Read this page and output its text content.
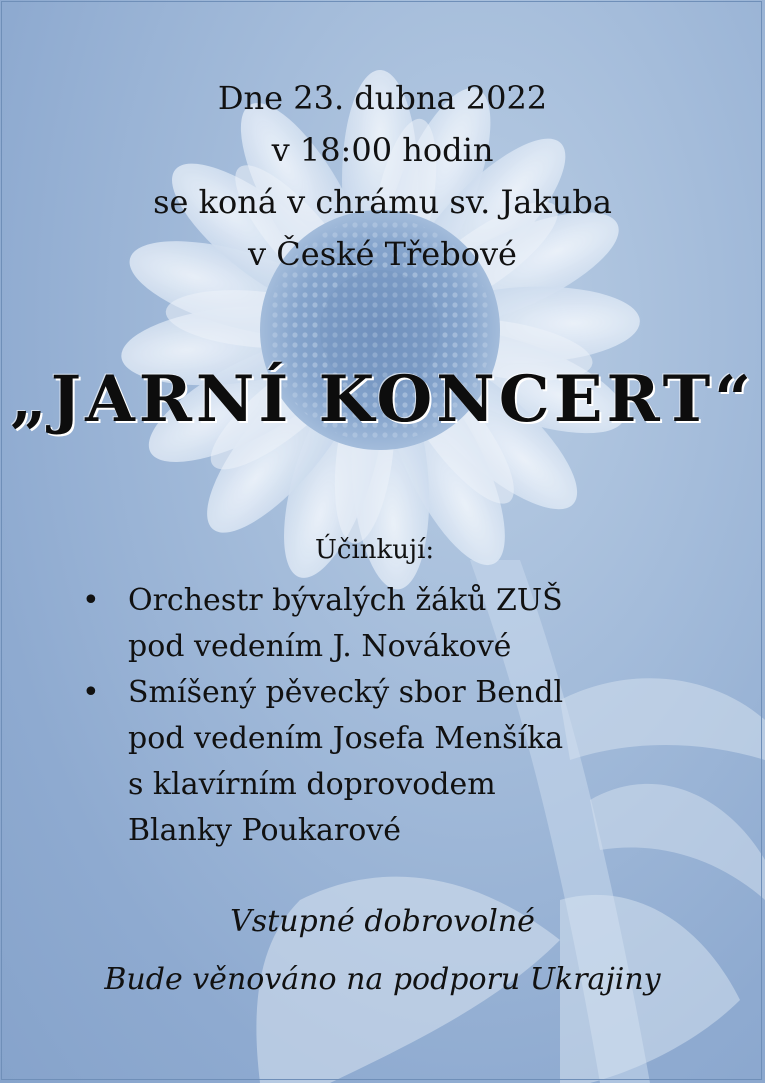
Dne 23. dubna 2022
v 18:00 hodin
se koná v chrámu sv. Jakuba
v České Třebové
„JARNÍ KONCERT“
Účinkují:
• Orchestr bývalých žáků ZUŠ
pod vedením J. Novákové
• Smíšený pěvecký sbor Bendl
pod vedením Josefa Menšíka
s klavírním doprovodem
Blanky Poukarové
Vstupné dobrovolné
Bude věnováno na podporu Ukrajiny
